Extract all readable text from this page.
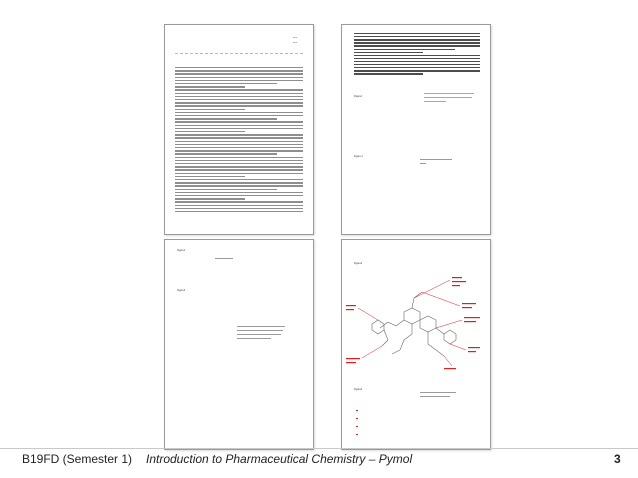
xxxx
xxxx
Figure1
Figure 2
Figure1
Figure2
Figure3
Figure4
B19FD (Semester 1) Introduction to Pharmaceutical Chemistry – Pymol	3
